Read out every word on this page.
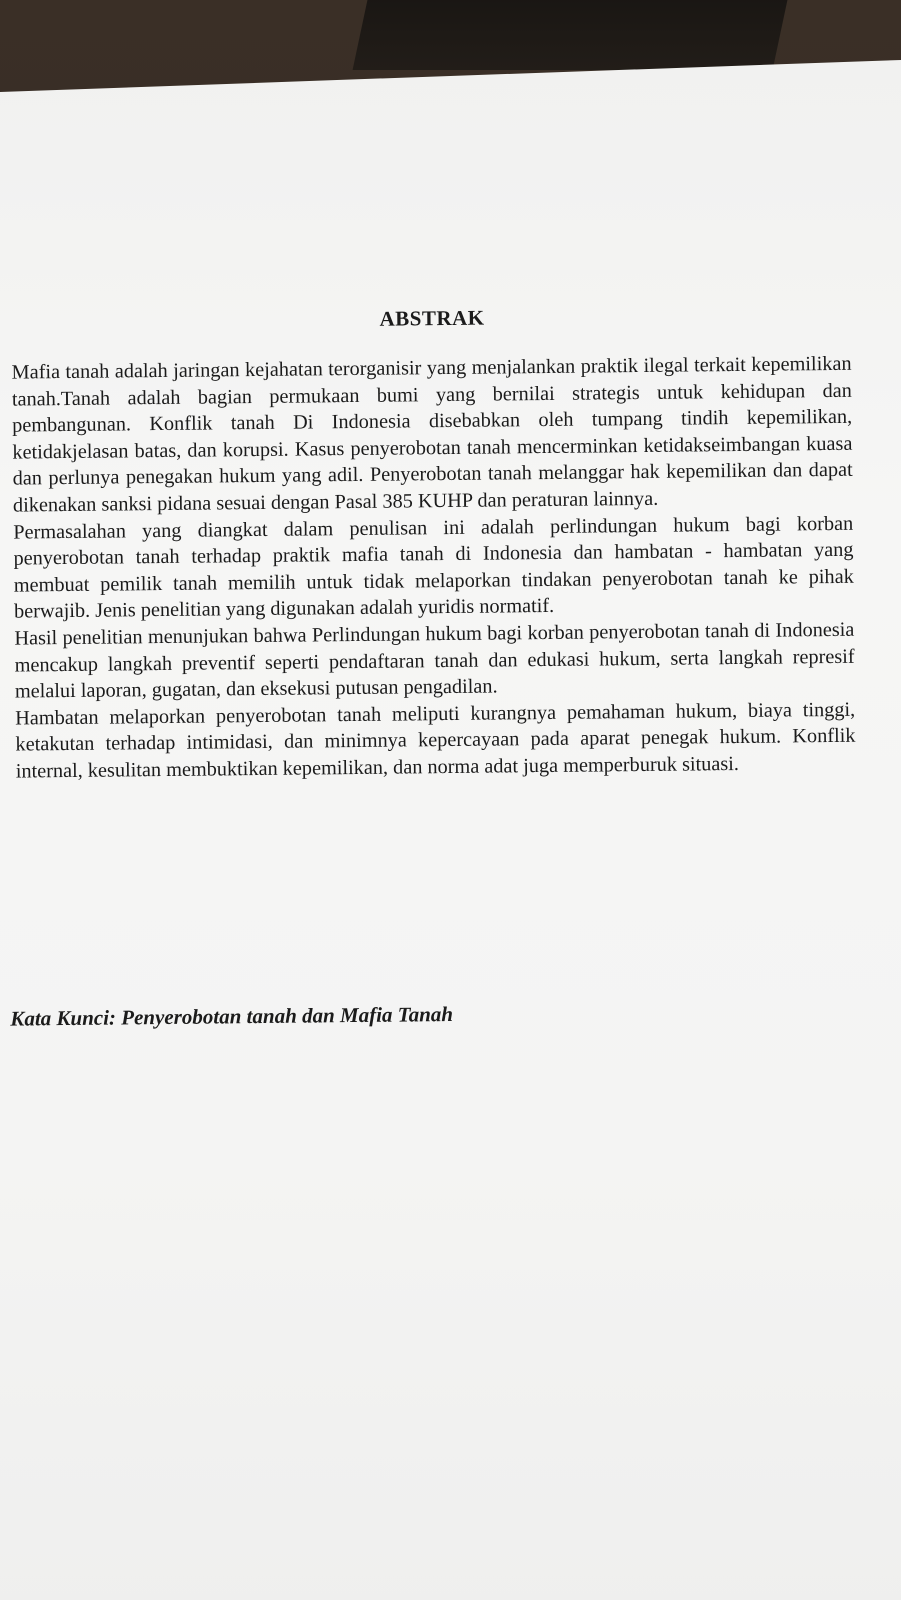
ABSTRAK

Mafia tanah adalah jaringan kejahatan terorganisir yang menjalankan praktik ilegal terkait kepemilikan tanah.Tanah adalah bagian permukaan bumi yang bernilai strategis untuk kehidupan dan pembangunan. Konflik tanah Di Indonesia disebabkan oleh tumpang tindih kepemilikan, ketidakjelasan batas, dan korupsi. Kasus penyerobotan tanah mencerminkan ketidakseimbangan kuasa dan perlunya penegakan hukum yang adil. Penyerobotan tanah melanggar hak kepemilikan dan dapat dikenakan sanksi pidana sesuai dengan Pasal 385 KUHP dan peraturan lainnya.

Permasalahan yang diangkat dalam penulisan ini adalah perlindungan hukum bagi korban penyerobotan tanah terhadap praktik mafia tanah di Indonesia dan hambatan - hambatan yang membuat pemilik tanah memilih untuk tidak melaporkan tindakan penyerobotan tanah ke pihak berwajib. Jenis penelitian yang digunakan adalah yuridis normatif.

Hasil penelitian menunjukan bahwa Perlindungan hukum bagi korban penyerobotan tanah di Indonesia mencakup langkah preventif seperti pendaftaran tanah dan edukasi hukum, serta langkah represif melalui laporan, gugatan, dan eksekusi putusan pengadilan.

Hambatan melaporkan penyerobotan tanah meliputi kurangnya pemahaman hukum, biaya tinggi, ketakutan terhadap intimidasi, dan minimnya kepercayaan pada aparat penegak hukum. Konflik internal, kesulitan membuktikan kepemilikan, dan norma adat juga memperburuk situasi.

Kata Kunci: Penyerobotan tanah dan Mafia Tanah
